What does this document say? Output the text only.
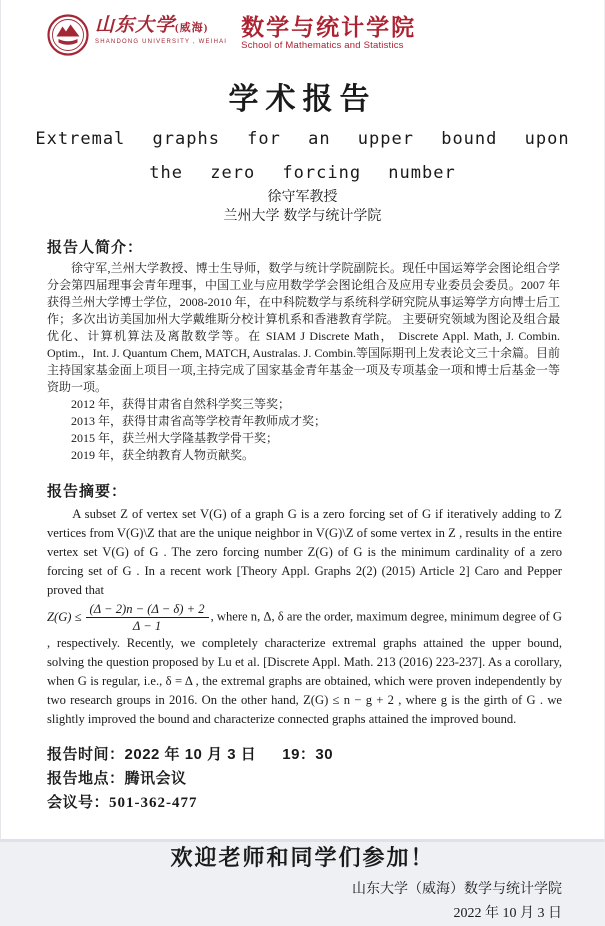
山东大学(威海)
SHANDONG UNIVERSITY , WEIHAI
数学与统计学院
School of Mathematics and Statistics
学术报告
Extremal graphs for an upper bound upon
the zero forcing number
徐守军教授
兰州大学 数学与统计学院
报告人简介：
徐守军,兰州大学教授、博士生导师，数学与统计学院副院长。现任中国运筹学会图论组合学分会第四届理事会青年理事，中国工业与应用数学学会图论组合及应用专业委员会委员。2007 年获得兰州大学博士学位，2008-2010 年，在中科院数学与系统科学研究院从事运筹学方向博士后工作；多次出访美国加州大学戴维斯分校计算机系和香港教育学院。 主要研究领域为图论及组合最优化、计算机算法及离散数学等。在 SIAM J Discrete Math， Discrete Appl. Math, J. Combin. Optim.，Int. J. Quantum Chem, MATCH, Australas. J. Combin.等国际期刊上发表论文三十余篇。目前主持国家基金面上项目一项,主持完成了国家基金青年基金一项及专项基金一项和博士后基金一等资助一项。
2012 年，获得甘肃省自然科学奖三等奖；
2013 年，获得甘肃省高等学校青年教师成才奖；
2015 年，获兰州大学隆基教学骨干奖；
2019 年，获全纳教育人物贡献奖。
报告摘要：
A subset Z of vertex set V(G) of a graph G is a zero forcing set of G if iteratively adding to Z vertices from V(G)\Z that are the unique neighbor in V(G)\Z of some vertex in Z , results in the entire vertex set V(G) of G . The zero forcing number Z(G) of G is the minimum cardinality of a zero forcing set of G . In a recent work [Theory Appl. Graphs 2(2) (2015) Article 2] Caro and Pepper proved that
$Z(G) \le \frac{(\Delta - 2)n - (\Delta - \delta) + 2}{\Delta - 1}$ , where n, Δ, δ are the order, maximum degree, minimum degree of G , respectively. Recently, we completely characterize extremal graphs attained the upper bound, solving the question proposed by Lu et al. [Discrete Appl. Math. 213 (2016) 223-237]. As a corollary, when G is regular, i.e., δ = Δ , the extremal graphs are obtained, which were proven independently by two research groups in 2016. On the other hand, Z(G) ≤ n − g + 2 , where g is the girth of G . we slightly improved the bound and characterize connected graphs attained the improved bound.
报告时间：2022 年 10 月 3 日 19：30
报告地点：腾讯会议
会议号：501-362-477
欢迎老师和同学们参加！
山东大学（威海）数学与统计学院
2022 年 10 月 3 日
